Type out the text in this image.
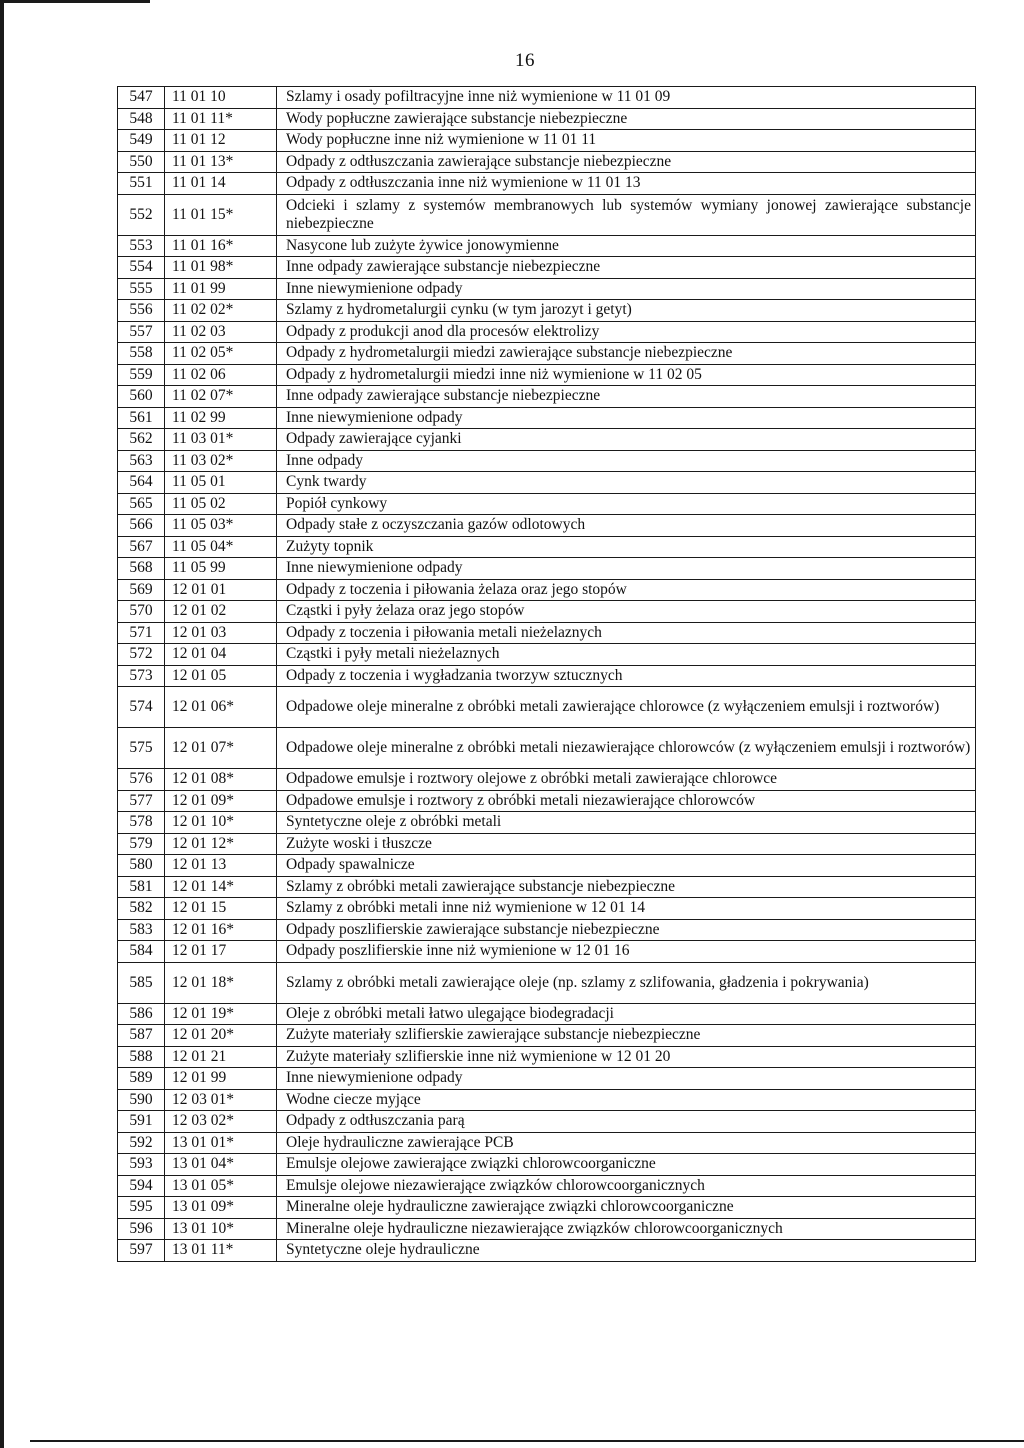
16
547	11 01 10	Szlamy i osady pofiltracyjne inne niż wymienione w 11 01 09
548	11 01 11*	Wody popłuczne zawierające substancje niebezpieczne
549	11 01 12	Wody popłuczne inne niż wymienione w 11 01 11
550	11 01 13*	Odpady z odtłuszczania zawierające substancje niebezpieczne
551	11 01 14	Odpady z odtłuszczania inne niż wymienione w 11 01 13
552	11 01 15*	Odcieki i szlamy z systemów membranowych lub systemów wymiany jonowej zawierające substancje niebezpieczne
553	11 01 16*	Nasycone lub zużyte żywice jonowymienne
554	11 01 98*	Inne odpady zawierające substancje niebezpieczne
555	11 01 99	Inne niewymienione odpady
556	11 02 02*	Szlamy z hydrometalurgii cynku (w tym jarozyt i getyt)
557	11 02 03	Odpady z produkcji anod dla procesów elektrolizy
558	11 02 05*	Odpady z hydrometalurgii miedzi zawierające substancje niebezpieczne
559	11 02 06	Odpady z hydrometalurgii miedzi inne niż wymienione w 11 02 05
560	11 02 07*	Inne odpady zawierające substancje niebezpieczne
561	11 02 99	Inne niewymienione odpady
562	11 03 01*	Odpady zawierające cyjanki
563	11 03 02*	Inne odpady
564	11 05 01	Cynk twardy
565	11 05 02	Popiół cynkowy
566	11 05 03*	Odpady stałe z oczyszczania gazów odlotowych
567	11 05 04*	Zużyty topnik
568	11 05 99	Inne niewymienione odpady
569	12 01 01	Odpady z toczenia i piłowania żelaza oraz jego stopów
570	12 01 02	Cząstki i pyły żelaza oraz jego stopów
571	12 01 03	Odpady z toczenia i piłowania metali nieżelaznych
572	12 01 04	Cząstki i pyły metali nieżelaznych
573	12 01 05	Odpady z toczenia i wygładzania tworzyw sztucznych
574	12 01 06*	Odpadowe oleje mineralne z obróbki metali zawierające chlorowce (z wyłączeniem emulsji i roztworów)
575	12 01 07*	Odpadowe oleje mineralne z obróbki metali niezawierające chlorowców (z wyłączeniem emulsji i roztworów)
576	12 01 08*	Odpadowe emulsje i roztwory olejowe z obróbki metali zawierające chlorowce
577	12 01 09*	Odpadowe emulsje i roztwory z obróbki metali niezawierające chlorowców
578	12 01 10*	Syntetyczne oleje z obróbki metali
579	12 01 12*	Zużyte woski i tłuszcze
580	12 01 13	Odpady spawalnicze
581	12 01 14*	Szlamy z obróbki metali zawierające substancje niebezpieczne
582	12 01 15	Szlamy z obróbki metali inne niż wymienione w 12 01 14
583	12 01 16*	Odpady poszlifierskie zawierające substancje niebezpieczne
584	12 01 17	Odpady poszlifierskie inne niż wymienione w 12 01 16
585	12 01 18*	Szlamy z obróbki metali zawierające oleje (np. szlamy z szlifowania, gładzenia i pokrywania)
586	12 01 19*	Oleje z obróbki metali łatwo ulegające biodegradacji
587	12 01 20*	Zużyte materiały szlifierskie zawierające substancje niebezpieczne
588	12 01 21	Zużyte materiały szlifierskie inne niż wymienione w 12 01 20
589	12 01 99	Inne niewymienione odpady
590	12 03 01*	Wodne ciecze myjące
591	12 03 02*	Odpady z odtłuszczania parą
592	13 01 01*	Oleje hydrauliczne zawierające PCB
593	13 01 04*	Emulsje olejowe zawierające związki chlorowcoorganiczne
594	13 01 05*	Emulsje olejowe niezawierające związków chlorowcoorganicznych
595	13 01 09*	Mineralne oleje hydrauliczne zawierające związki chlorowcoorganiczne
596	13 01 10*	Mineralne oleje hydrauliczne niezawierające związków chlorowcoorganicznych
597	13 01 11*	Syntetyczne oleje hydrauliczne
